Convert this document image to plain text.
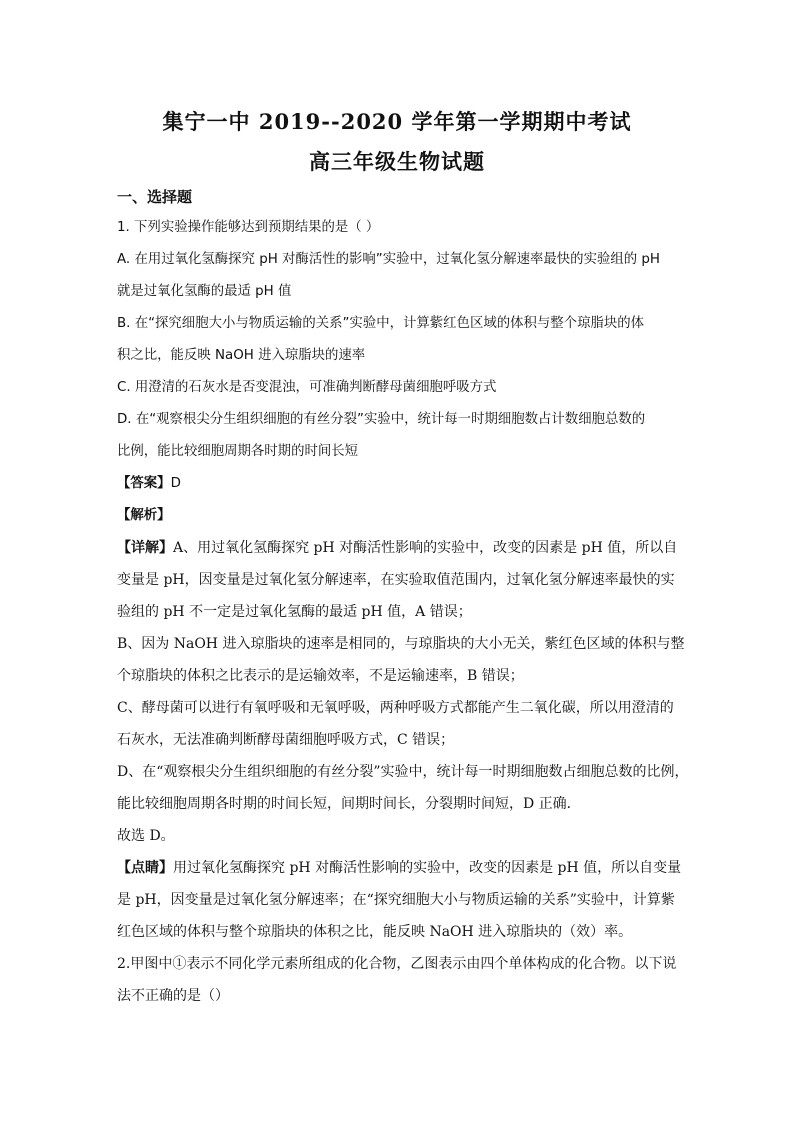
集宁一中 2019--2020 学年第一学期期中考试
高三年级生物试题
一、选择题
1. 下列实验操作能够达到预期结果的是（ ）
A. 在用过氧化氢酶探究 pH 对酶活性的影响”实验中，过氧化氢分解速率最快的实验组的 pH
就是过氧化氢酶的最适 pH 值
B. 在“探究细胞大小与物质运输的关系”实验中，计算紫红色区域的体积与整个琼脂块的体
积之比，能反映 NaOH 进入琼脂块的速率
C. 用澄清的石灰水是否变混浊，可准确判断酵母菌细胞呼吸方式
D. 在“观察根尖分生组织细胞的有丝分裂”实验中，统计每一时期细胞数占计数细胞总数的
比例，能比较细胞周期各时期的时间长短
【答案】D
【解析】
【详解】A、用过氧化氢酶探究 pH 对酶活性影响的实验中，改变的因素是 pH 值，所以自
变量是 pH，因变量是过氧化氢分解速率，在实验取值范围内，过氧化氢分解速率最快的实
验组的 pH 不一定是过氧化氢酶的最适 pH 值，A 错误；
B、因为 NaOH 进入琼脂块的速率是相同的，与琼脂块的大小无关，紫红色区域的体积与整
个琼脂块的体积之比表示的是运输效率，不是运输速率，B 错误；
C、酵母菌可以进行有氧呼吸和无氧呼吸，两种呼吸方式都能产生二氧化碳，所以用澄清的
石灰水，无法准确判断酵母菌细胞呼吸方式，C 错误；
D、在“观察根尖分生组织细胞的有丝分裂”实验中，统计每一时期细胞数占细胞总数的比例，
能比较细胞周期各时期的时间长短，间期时间长，分裂期时间短，D 正确．
故选 D。
【点睛】用过氧化氢酶探究 pH 对酶活性影响的实验中，改变的因素是 pH 值，所以自变量
是 pH，因变量是过氧化氢分解速率；在“探究细胞大小与物质运输的关系”实验中，计算紫
红色区域的体积与整个琼脂块的体积之比，能反映 NaOH 进入琼脂块的（效）率。
2.甲图中①表示不同化学元素所组成的化合物，乙图表示由四个单体构成的化合物。以下说
法不正确的是（）
